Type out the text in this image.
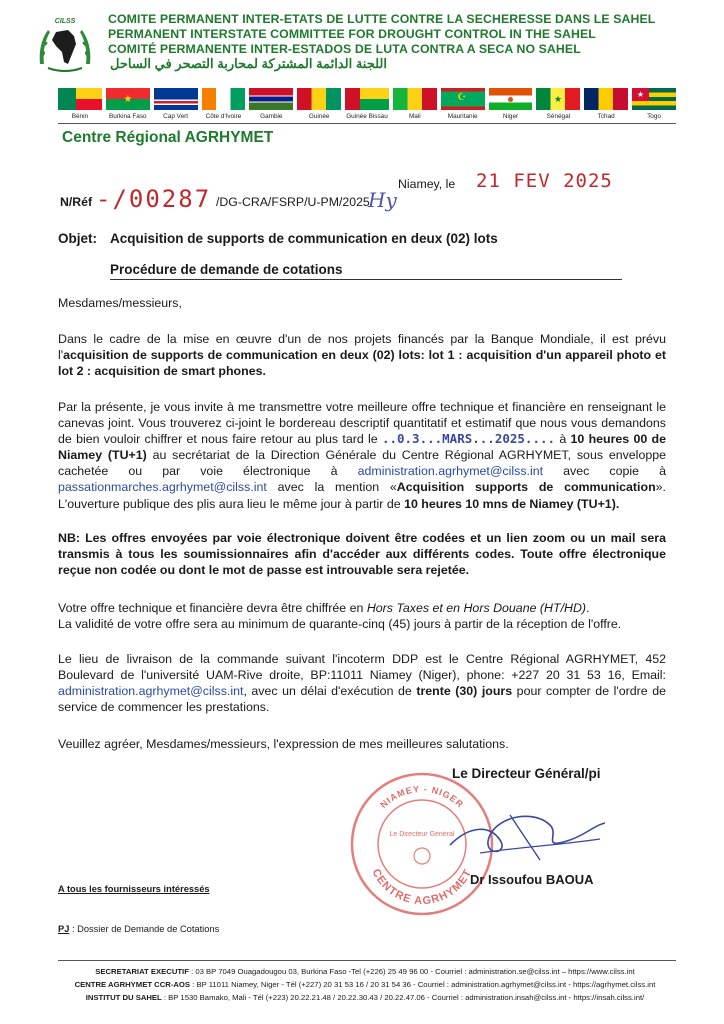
CILSS	COMITE PERMANENT INTER-ETATS DE LUTTE CONTRE LA SECHERESSE DANS LE SAHEL
PERMANENT INTERSTATE COMMITTEE FOR DROUGHT CONTROL IN THE SAHEL
COMITÉ PERMANENTE INTER-ESTADOS DE LUTA CONTRA A SECA NO SAHEL
اللجنة الدائمة المشتركة لمحاربة التصحر في الساحل
★	☪	★	★
Bénin	Burkina Faso	Cap Vert	Côte d'Ivoire	Gambie	Guinée	Guinée Bissau	Mali	Mauritanie	Niger	Sénégal	Tchad	Togo
Centre Régional AGRHYMET
N/Réf -/00287 /DG-CRA/FSRP/U-PM/2025
Hy
Niamey, le 21 FEV 2025
Objet: Acquisition de supports de communication en deux (02) lots
Procédure de demande de cotations
Mesdames/messieurs,
Dans le cadre de la mise en œuvre d'un de nos projets financés par la Banque Mondiale, il est prévu l'acquisition de supports de communication en deux (02) lots: lot 1 : acquisition d'un appareil photo et lot 2 : acquisition de smart phones.
Par la présente, je vous invite à me transmettre votre meilleure offre technique et financière en renseignant le canevas joint. Vous trouverez ci-joint le bordereau descriptif quantitatif et estimatif que nous vous demandons de bien vouloir chiffrer et nous faire retour au plus tard le ..0.3...MARS...2025.... à 10 heures 00 de Niamey (TU+1) au secrétariat de la Direction Générale du Centre Régional AGRHYMET, sous enveloppe cachetée ou par voie électronique à administration.agrhymet@cilss.int avec copie à passationmarches.agrhymet@cilss.int avec la mention «Acquisition supports de communication». L'ouverture publique des plis aura lieu le même jour à partir de 10 heures 10 mns de Niamey (TU+1).
NB: Les offres envoyées par voie électronique doivent être codées et un lien zoom ou un mail sera transmis à tous les soumissionnaires afin d'accéder aux différents codes. Toute offre électronique reçue non codée ou dont le mot de passe est introuvable sera rejetée.
Votre offre technique et financière devra être chiffrée en Hors Taxes et en Hors Douane (HT/HD).
La validité de votre offre sera au minimum de quarante-cinq (45) jours à partir de la réception de l'offre.
Le lieu de livraison de la commande suivant l'incoterm DDP est le Centre Régional AGRHYMET, 452 Boulevard de l'université UAM-Rive droite, BP:11011 Niamey (Niger), phone: +227 20 31 53 16, Email: administration.agrhymet@cilss.int, avec un délai d'exécution de trente (30) jours pour compter de l'ordre de service de commencer les prestations.
Veuillez agréer, Mesdames/messieurs, l'expression de mes meilleures salutations.
Le Directeur Général/pi
NIAMEY - NIGER
CENTRE AGRHYMET
Le Directeur Général
Dr Issoufou BAOUA
A tous les fournisseurs intéressés
PJ : Dossier de Demande de Cotations
SECRETARIAT EXECUTIF : 03 BP 7049 Ouagadougou 03, Burkina Faso -Tel (+226) 25 49 96 00 - Courriel : administration.se@cilss.int – https://www.cilss.int
CENTRE AGRHYMET CCR-AOS : BP 11011 Niamey, Niger - Tél (+227) 20 31 53 16 / 20 31 54 36 - Courriel : administration.agrhymet@cilss.int - https://agrhymet.cilss.int
INSTITUT DU SAHEL : BP 1530 Bamako, Mali - Tél (+223) 20.22.21.48 / 20.22.30.43 / 20.22.47.06 - Courriel : administration.insah@cilss.int - https://insah.cilss.int/
